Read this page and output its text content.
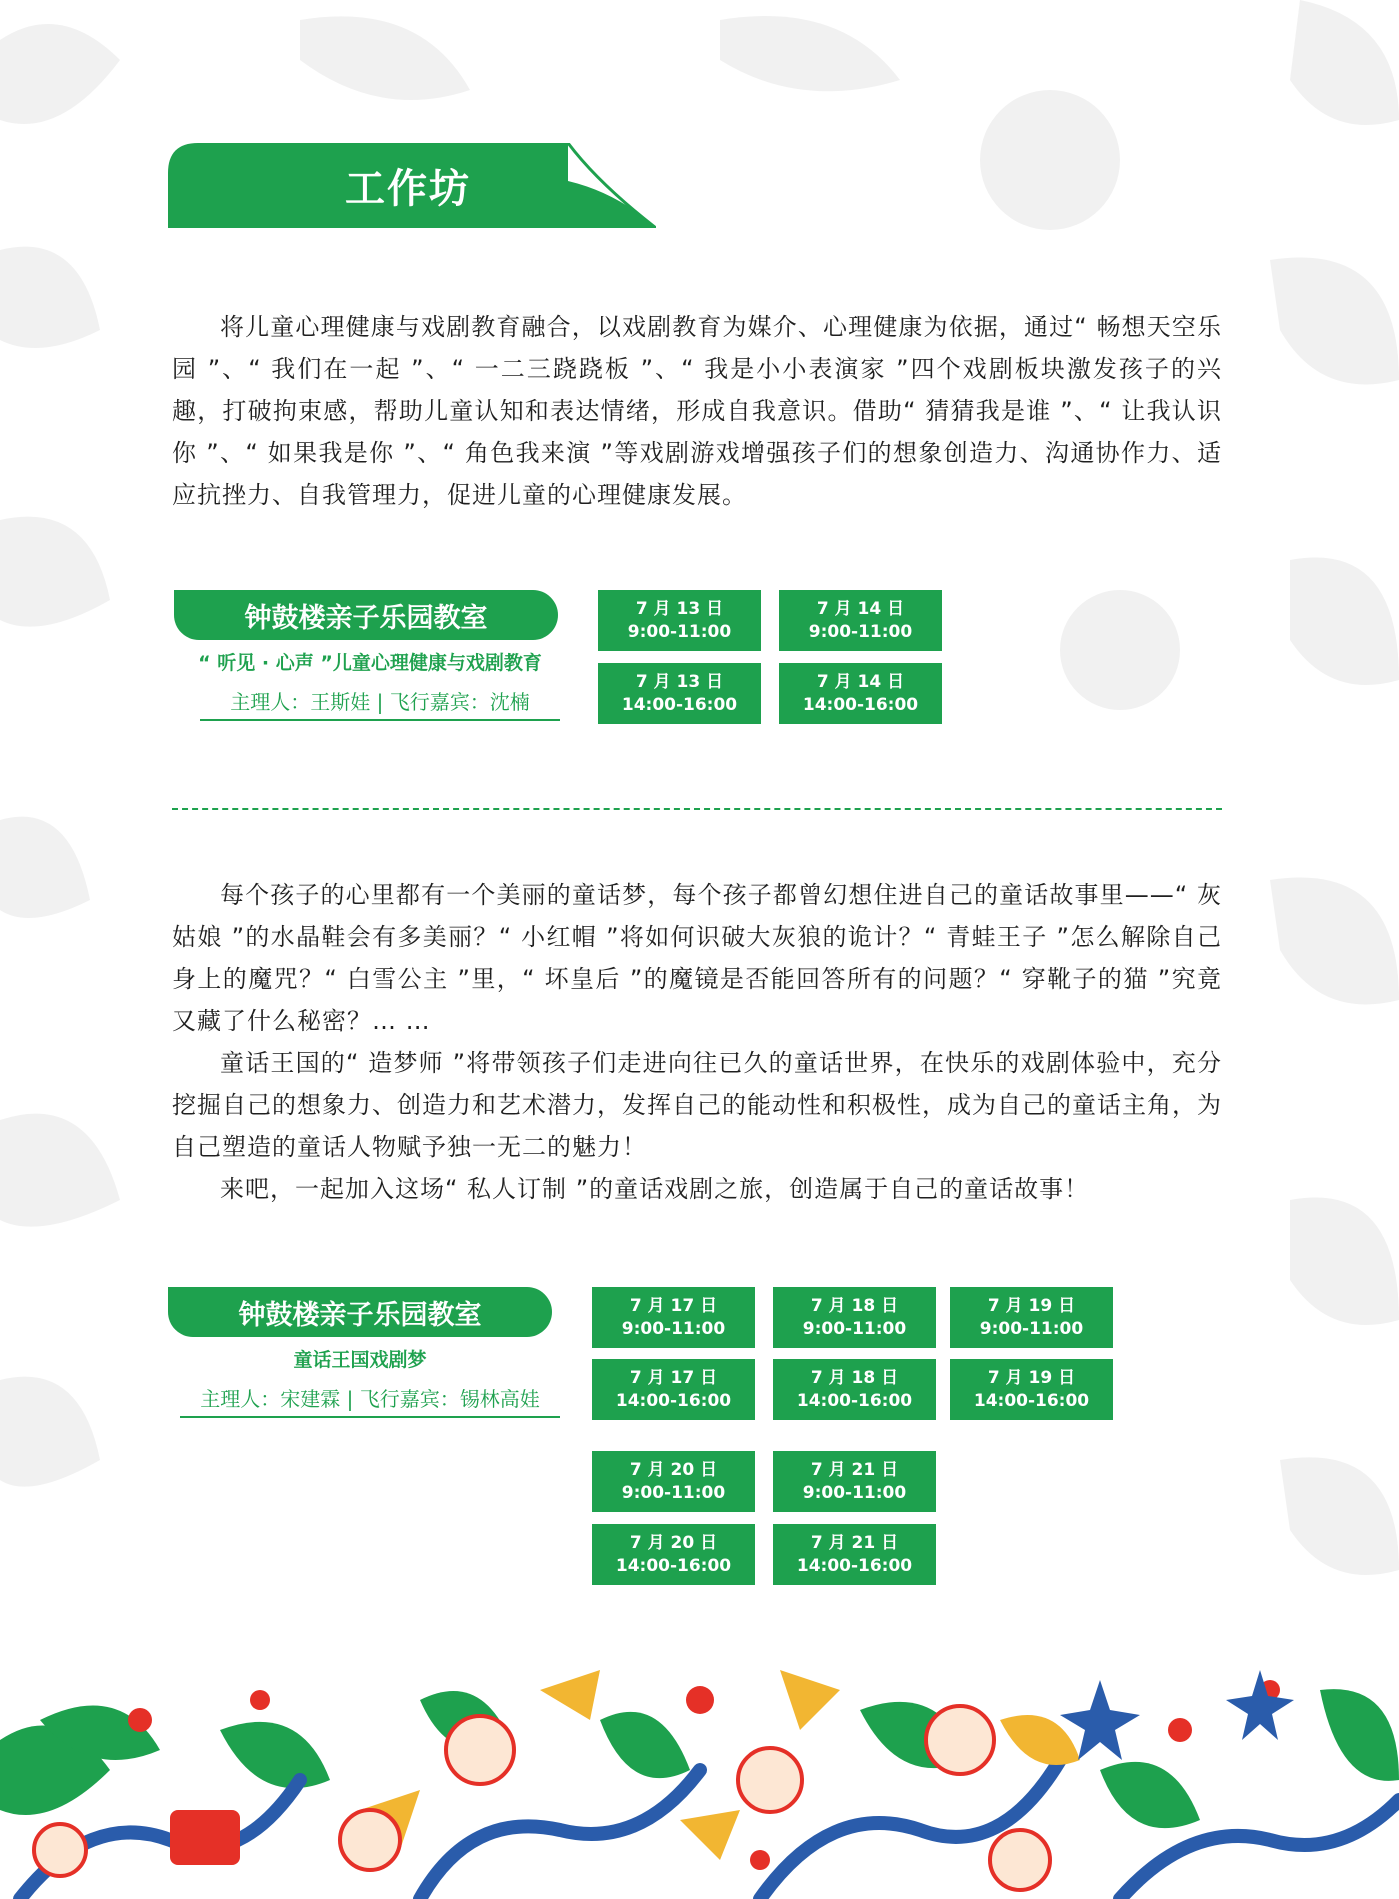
工作坊

将儿童心理健康与戏剧教育融合，以戏剧教育为媒介、心理健康为依据，通过“ 畅想天空乐园 ”、“ 我们在一起 ”、“ 一二三跷跷板 ”、“ 我是小小表演家 ”四个戏剧板块激发孩子的兴趣，打破拘束感，帮助儿童认知和表达情绪，形成自我意识。借助“ 猜猜我是谁 ”、“ 让我认识你 ”、“ 如果我是你 ”、“ 角色我来演 ”等戏剧游戏增强孩子们的想象创造力、沟通协作力、适应抗挫力、自我管理力，促进儿童的心理健康发展。

钟鼓楼亲子乐园教室
“ 听见 · 心声 ”儿童心理健康与戏剧教育
主理人：王斯娃 | 飞行嘉宾：沈楠
7 月 13 日
9:00-11:00
7 月 14 日
9:00-11:00
7 月 13 日
14:00-16:00
7 月 14 日
14:00-16:00

每个孩子的心里都有一个美丽的童话梦，每个孩子都曾幻想住进自己的童话故事里——“ 灰姑娘 ”的水晶鞋会有多美丽？“ 小红帽 ”将如何识破大灰狼的诡计？“ 青蛙王子 ”怎么解除自己身上的魔咒？“ 白雪公主 ”里，“ 坏皇后 ”的魔镜是否能回答所有的问题？“ 穿靴子的猫 ”究竟又藏了什么秘密？… …

童话王国的“ 造梦师 ”将带领孩子们走进向往已久的童话世界，在快乐的戏剧体验中，充分挖掘自己的想象力、创造力和艺术潜力，发挥自己的能动性和积极性，成为自己的童话主角，为自己塑造的童话人物赋予独一无二的魅力！

来吧，一起加入这场“ 私人订制 ”的童话戏剧之旅，创造属于自己的童话故事！

钟鼓楼亲子乐园教室
童话王国戏剧梦
主理人：宋建霖 | 飞行嘉宾：锡林高娃
7 月 17 日
9:00-11:00
7 月 18 日
9:00-11:00
7 月 19 日
9:00-11:00
7 月 17 日
14:00-16:00
7 月 18 日
14:00-16:00
7 月 19 日
14:00-16:00
7 月 20 日
9:00-11:00
7 月 21 日
9:00-11:00
7 月 20 日
14:00-16:00
7 月 21 日
14:00-16:00
